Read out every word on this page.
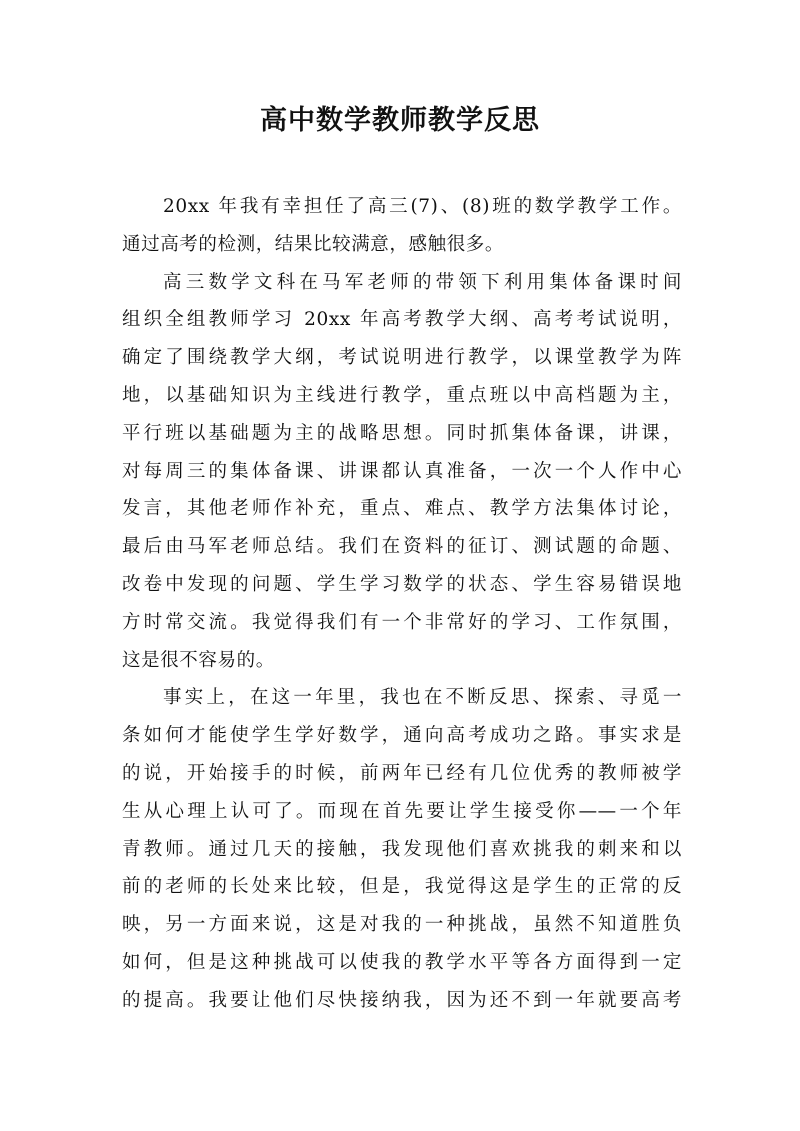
高中数学教师教学反思
20xx 年我有幸担任了高三(7)、(8)班的数学教学工作。
通过高考的检测，结果比较满意，感触很多。
高三数学文科在马军老师的带领下利用集体备课时间
组织全组教师学习 20xx 年高考教学大纲、高考考试说明，
确定了围绕教学大纲，考试说明进行教学，以课堂教学为阵
地，以基础知识为主线进行教学，重点班以中高档题为主，
平行班以基础题为主的战略思想。同时抓集体备课，讲课，
对每周三的集体备课、讲课都认真准备，一次一个人作中心
发言，其他老师作补充，重点、难点、教学方法集体讨论，
最后由马军老师总结。我们在资料的征订、测试题的命题、
改卷中发现的问题、学生学习数学的状态、学生容易错误地
方时常交流。我觉得我们有一个非常好的学习、工作氛围，
这是很不容易的。
事实上，在这一年里，我也在不断反思、探索、寻觅一
条如何才能使学生学好数学，通向高考成功之路。事实求是
的说，开始接手的时候，前两年已经有几位优秀的教师被学
生从心理上认可了。而现在首先要让学生接受你——一个年
青教师。通过几天的接触，我发现他们喜欢挑我的刺来和以
前的老师的长处来比较，但是，我觉得这是学生的正常的反
映，另一方面来说，这是对我的一种挑战，虽然不知道胜负
如何，但是这种挑战可以使我的教学水平等各方面得到一定
的提高。我要让他们尽快接纳我，因为还不到一年就要高考
